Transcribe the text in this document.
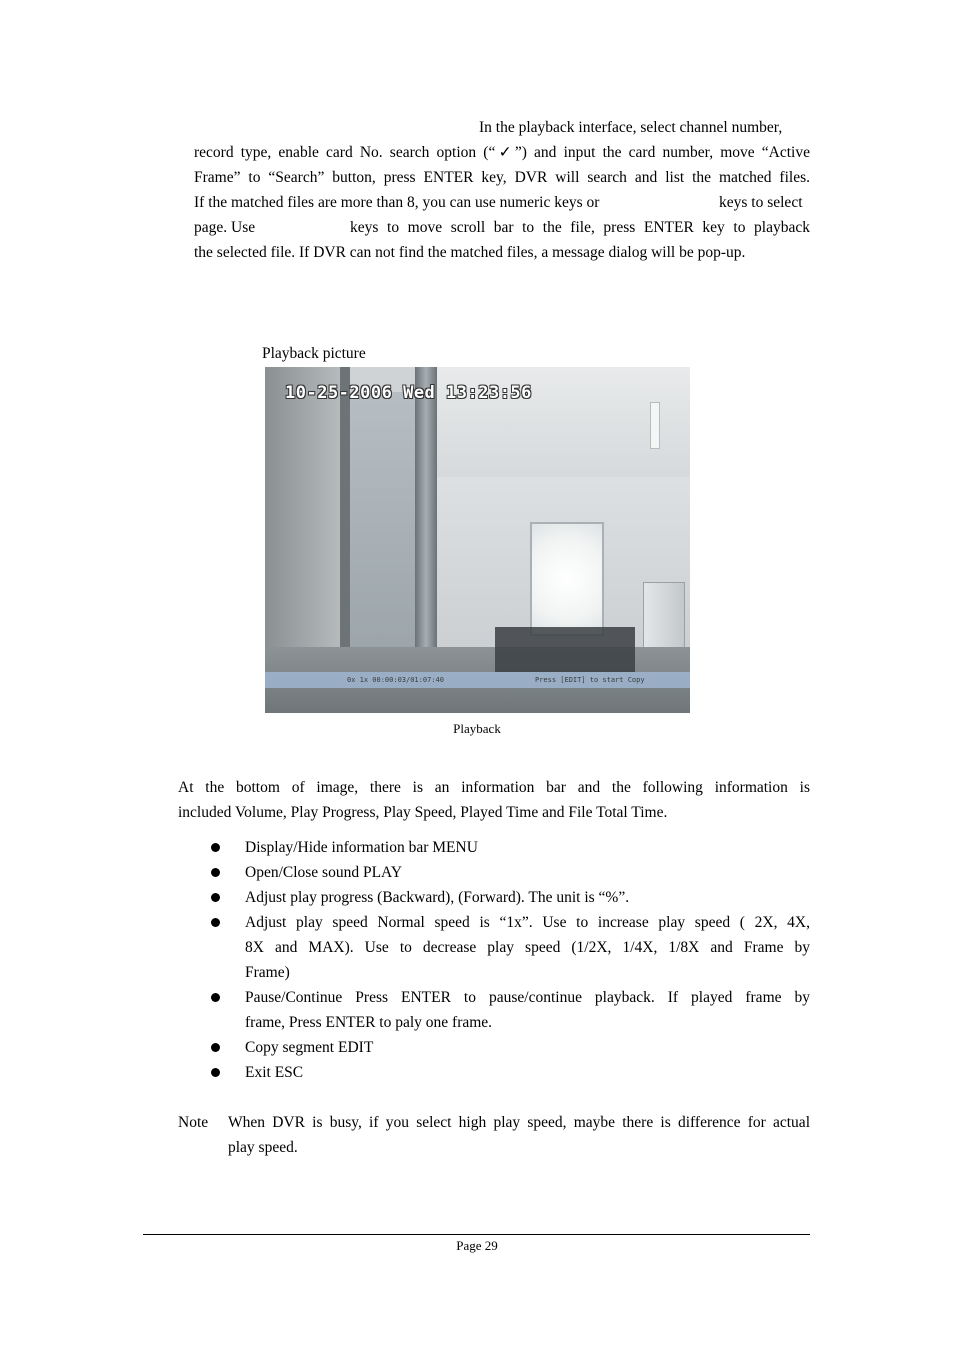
In the playback interface, select channel number,
record type, enable card No. search option (“✓”) and input the card number, move “Active
Frame” to “Search” button, press ENTER key, DVR will search and list the matched files.
If the matched files are more than 8, you can use numeric keys or	keys to select
page. Use	keys to move scroll bar to the file, press ENTER key to playback
the selected file. If DVR can not find the matched files, a message dialog will be pop-up.
Playback picture
10-25-2006 Wed 13:23:56
0x 1x 00:00:03/01:07:40	Press [EDIT] to start Copy
Playback
At the bottom of image, there is an information bar and the following information is
included Volume, Play Progress, Play Speed, Played Time and File Total Time.
Display/Hide information bar MENU
Open/Close sound PLAY
Adjust play progress (Backward), (Forward). The unit is “%”.
Adjust play speed Normal speed is “1x”. Use to increase play speed ( 2X, 4X,
8X and MAX). Use to decrease play speed (1/2X, 1/4X, 1/8X and Frame by
Frame)
Pause/Continue Press ENTER to pause/continue playback. If played frame by
frame, Press ENTER to paly one frame.
Copy segment EDIT
Exit ESC
Note When DVR is busy, if you select high play speed, maybe there is difference for actual
play speed.
Page 29
